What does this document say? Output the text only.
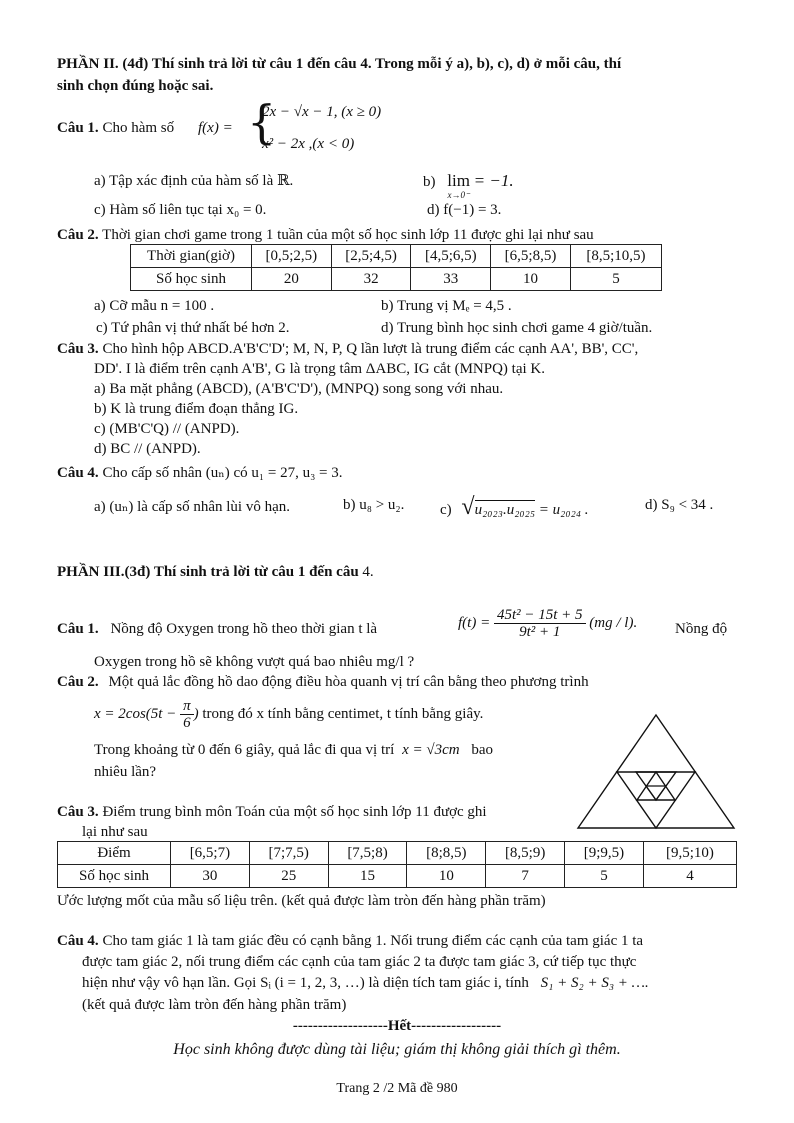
PHẦN II. (4đ) Thí sinh trả lời từ câu 1 đến câu 4. Trong mỗi ý a), b), c), d) ở mỗi câu, thí
sinh chọn đúng hoặc sai.
Câu 1. Cho hàm số f(x) = {
2x − √x − 1, (x ≥ 0)
x² − 2x ,(x < 0)
a) Tập xác định của hàm số là ℝ.	b) lim
$^{x\to 0^-}$ = −1.
c) Hàm số liên tục tại x₀ = 0.	d) f(−1) = 3.
Câu 2. Thời gian chơi game trong 1 tuần của một số học sinh lớp 11 được ghi lại như sau
Thời gian(giờ)	[0,5;2,5)	[2,5;4,5)	[4,5;6,5)	[6,5;8,5)	[8,5;10,5)
Số học sinh	20	32	33	10	5
a) Cỡ mẫu n = 100 .	b) Trung vị Mₑ = 4,5 .
c) Tứ phân vị thứ nhất bé hơn 2.	d) Trung bình học sinh chơi game 4 giờ/tuần.
Câu 3. Cho hình hộp ABCD.A'B'C'D'; M, N, P, Q lần lượt là trung điểm các cạnh AA', BB', CC',
DD'. I là điểm trên cạnh A'B', G là trọng tâm ΔABC, IG cắt (MNPQ) tại K.
a) Ba mặt phẳng (ABCD), (A'B'C'D'), (MNPQ) song song với nhau.
b) K là trung điểm đoạn thẳng IG.
c) (MB'C'Q) // (ANPD).
d) BC // (ANPD).
Câu 4. Cho cấp số nhân (uₙ) có u₁ = 27, u₃ = 3.
a) (uₙ) là cấp số nhân lùi vô hạn.	b) u₈ > u₂. c) √u₂₀₂₃.u₂₀₂₅ = u₂₀₂₄ .	d) S₉ < 34 .
PHẦN III.(3đ) Thí sinh trả lời từ câu 1 đến câu 4.
Câu 1. Nồng độ Oxygen trong hồ theo thời gian t là	$f(t) = \frac{\text{45t² − 15t + 5}}{\text{9t² + 1}} (mg / l)$.	Nồng độ
Oxygen trong hồ sẽ không vượt quá bao nhiêu mg/l ?
Câu 2. Một quả lắc đồng hồ dao động điều hòa quanh vị trí cân bằng theo phương trình
$x = 2\cos(5t - \frac{\pi}{6}$ ) trong đó x tính bằng centimet, t tính bằng giây.
Trong khoảng từ 0 đến 6 giây, quả lắc đi qua vị trí x = √3cm bao
nhiêu lần?
Câu 3. Điểm trung bình môn Toán của một số học sinh lớp 11 được ghi
lại như sau
Điểm	[6,5;7)	[7;7,5)	[7,5;8)	[8;8,5)	[8,5;9)	[9;9,5)	[9,5;10)
Số học sinh	30	25	15	10	7	5	4
Ước lượng mốt của mẫu số liệu trên. (kết quả được làm tròn đến hàng phần trăm)
Câu 4. Cho tam giác 1 là tam giác đều có cạnh bằng 1. Nối trung điểm các cạnh của tam giác 1 ta
được tam giác 2, nối trung điểm các cạnh của tam giác 2 ta được tam giác 3, cứ tiếp tục thực
hiện như vậy vô hạn lần. Gọi Sᵢ (i = 1, 2, 3, …) là diện tích tam giác i, tính S₁ + S₂ + S₃ + ….
(kết quả được làm tròn đến hàng phần trăm)
-------------------Hết------------------
Học sinh không được dùng tài liệu; giám thị không giải thích gì thêm.
Trang 2 /2 Mã đề 980
